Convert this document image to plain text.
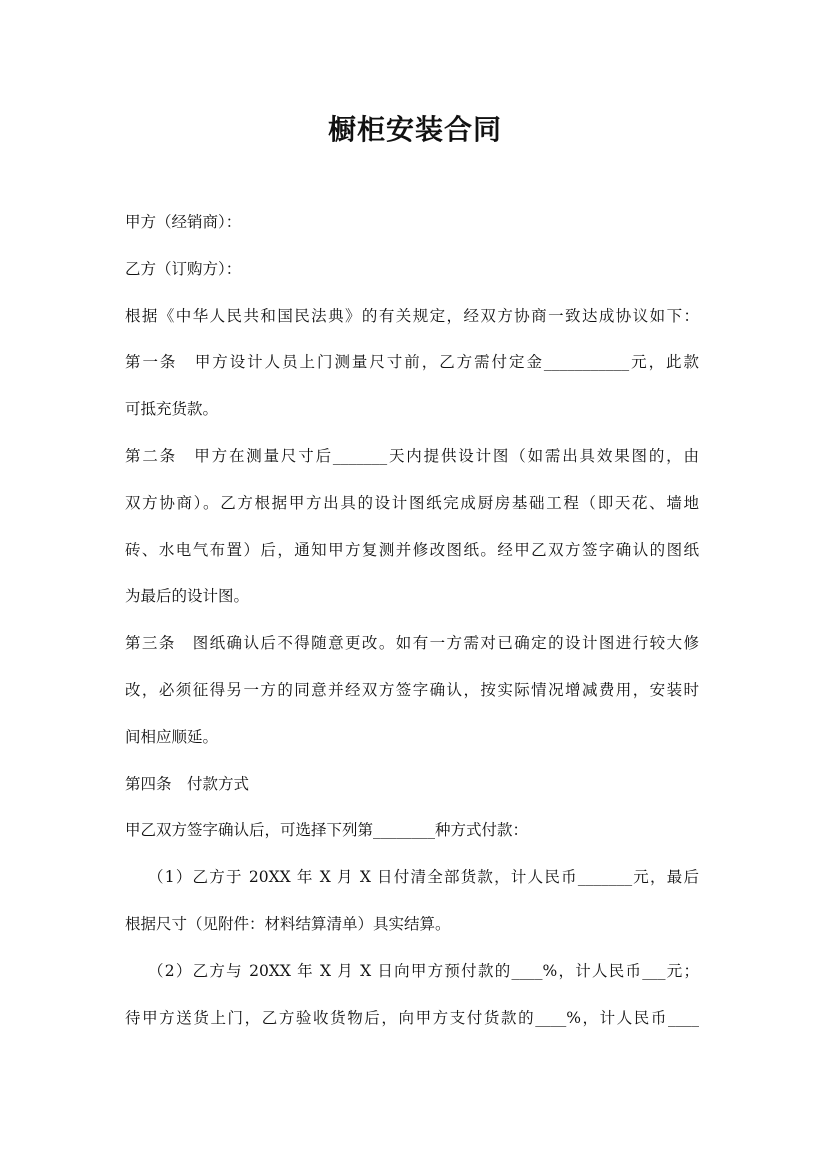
橱柜安装合同
甲方（经销商）：
乙方（订购方）：
根据《中华人民共和国民法典》的有关规定，经双方协商一致达成协议如下：
第一条　甲方设计人员上门测量尺寸前，乙方需付定金___________元，此款
可抵充货款。
第二条　甲方在测量尺寸后_______天内提供设计图（如需出具效果图的，由
双方协商）。乙方根据甲方出具的设计图纸完成厨房基础工程（即天花、墙地
砖、水电气布置）后，通知甲方复测并修改图纸。经甲乙双方签字确认的图纸
为最后的设计图。
第三条　图纸确认后不得随意更改。如有一方需对已确定的设计图进行较大修
改，必须征得另一方的同意并经双方签字确认，按实际情况增减费用，安装时
间相应顺延。
第四条　付款方式
甲乙双方签字确认后，可选择下列第________种方式付款：
（1）乙方于 20XX 年 X 月 X 日付清全部货款，计人民币_______元，最后
根据尺寸（见附件：材料结算清单）具实结算。
（2）乙方与 20XX 年 X 月 X 日向甲方预付款的____%，计人民币___元；
待甲方送货上门，乙方验收货物后，向甲方支付货款的____%，计人民币____
